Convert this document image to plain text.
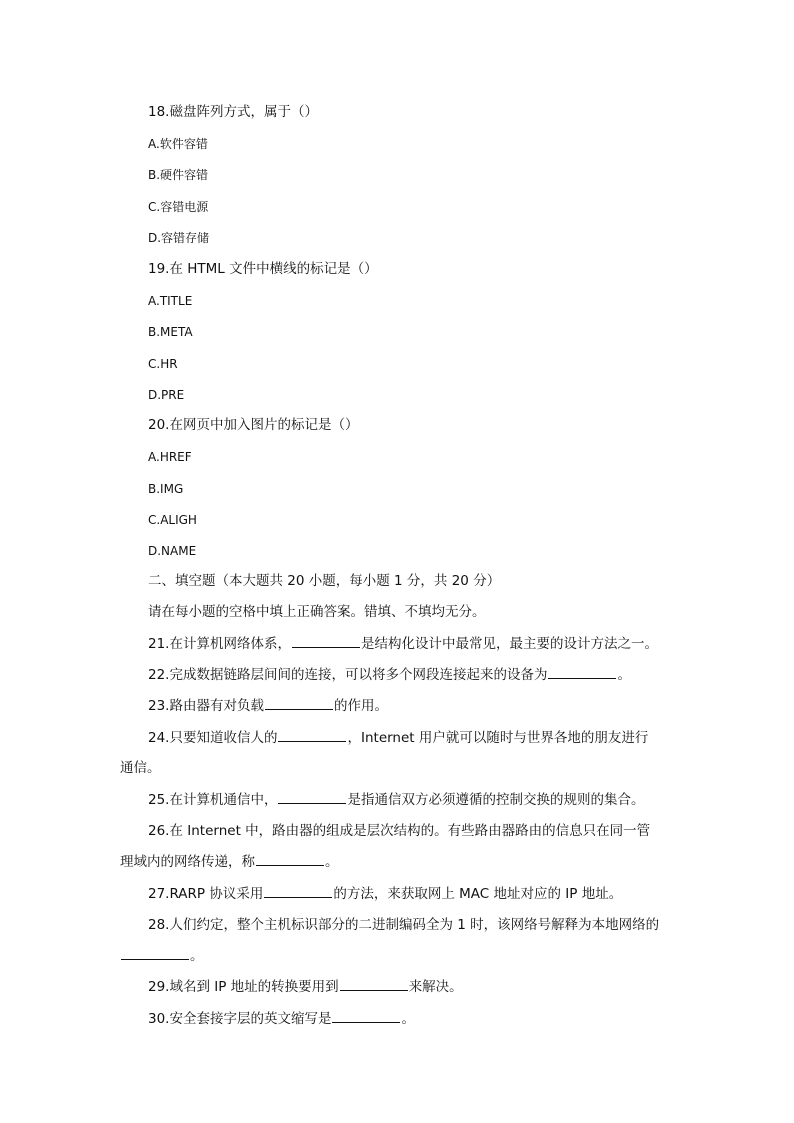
18.磁盘阵列方式，属于（）
A.软件容错
B.硬件容错
C.容错电源
D.容错存储
19.在 HTML 文件中横线的标记是（）
A.TITLE
B.META
C.HR
D.PRE
20.在网页中加入图片的标记是（）
A.HREF
B.IMG
C.ALIGH
D.NAME
二、填空题（本大题共 20 小题，每小题 1 分，共 20 分）
请在每小题的空格中填上正确答案。错填、不填均无分。
21.在计算机网络体系，	是结构化设计中最常见，最主要的设计方法之一。
22.完成数据链路层间间的连接，可以将多个网段连接起来的设备为	。
23.路由器有对负载	的作用。
24.只要知道收信人的	，Internet 用户就可以随时与世界各地的朋友进行
通信。
25.在计算机通信中，	是指通信双方必须遵循的控制交换的规则的集合。
26.在 Internet 中，路由器的组成是层次结构的。有些路由器路由的信息只在同一管
理域内的网络传递，称	。
27.RARP 协议采用	的方法，来获取网上 MAC 地址对应的 IP 地址。
28.人们约定，整个主机标识部分的二进制编码全为 1 时，该网络号解释为本地网络的
。
29.域名到 IP 地址的转换要用到	来解决。
30.安全套接字层的英文缩写是	。
